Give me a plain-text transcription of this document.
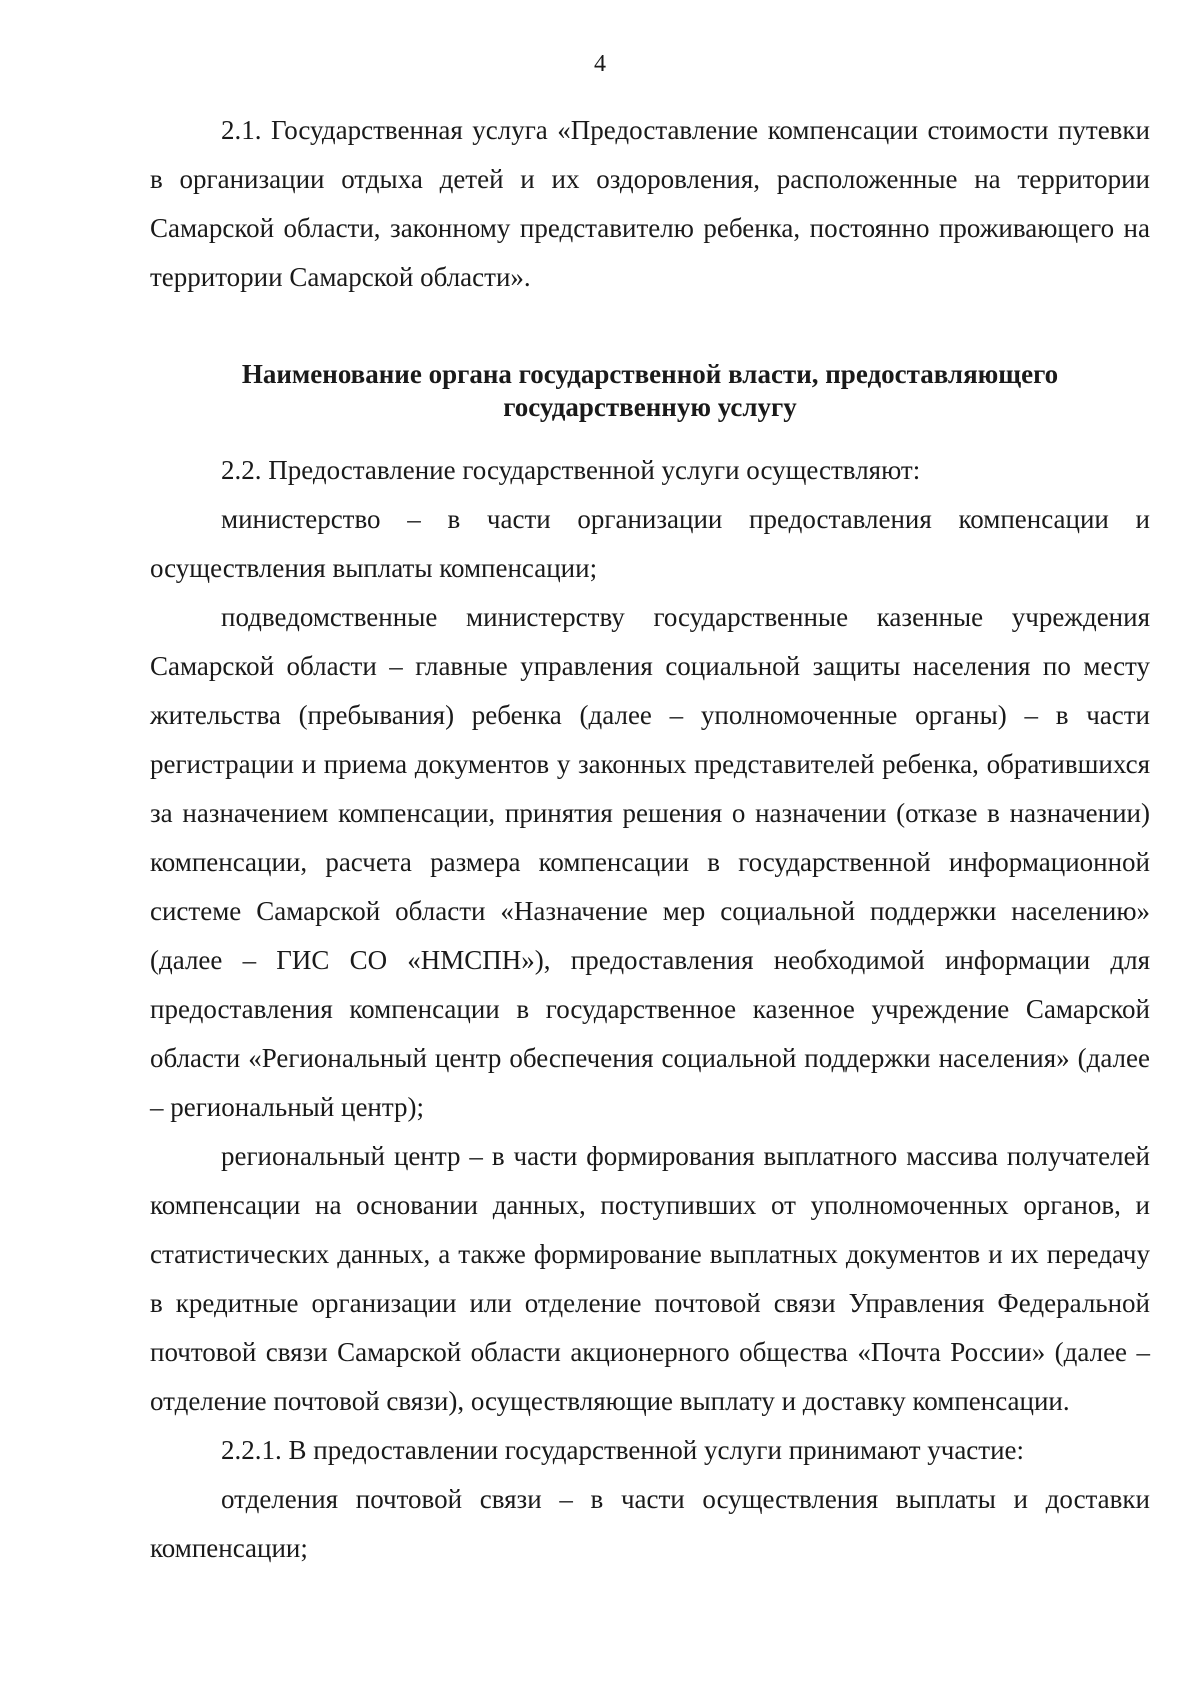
4

2.1. Государственная услуга «Предоставление компенсации стоимости путевки в организации отдыха детей и их оздоровления, расположенные на территории Самарской области, законному представителю ребенка, постоянно проживающего на территории Самарской области».

Наименование органа государственной власти, предоставляющего
государственную услугу

2.2. Предоставление государственной услуги осуществляют:

министерство – в части организации предоставления компенсации и осуществления выплаты компенсации;

подведомственные министерству государственные казенные учреждения Самарской области – главные управления социальной защиты населения по месту жительства (пребывания) ребенка (далее – уполномоченные органы) – в части регистрации и приема документов у законных представителей ребенка, обратившихся за назначением компенсации, принятия решения о назначении (отказе в назначении) компенсации, расчета размера компенсации в государственной информационной системе Самарской области «Назначение мер социальной поддержки населению» (далее – ГИС СО «НМСПН»), предоставления необходимой информации для предоставления компенсации в государственное казенное учреждение Самарской области «Региональный центр обеспечения социальной поддержки населения» (далее – региональный центр);

региональный центр – в части формирования выплатного массива получателей компенсации на основании данных, поступивших от уполномоченных органов, и статистических данных, а также формирование выплатных документов и их передачу в кредитные организации или отделение почтовой связи Управления Федеральной почтовой связи Самарской области акционерного общества «Почта России» (далее – отделение почтовой связи), осуществляющие выплату и доставку компенсации.

2.2.1. В предоставлении государственной услуги принимают участие:

отделения почтовой связи – в части осуществления выплаты и доставки компенсации;
